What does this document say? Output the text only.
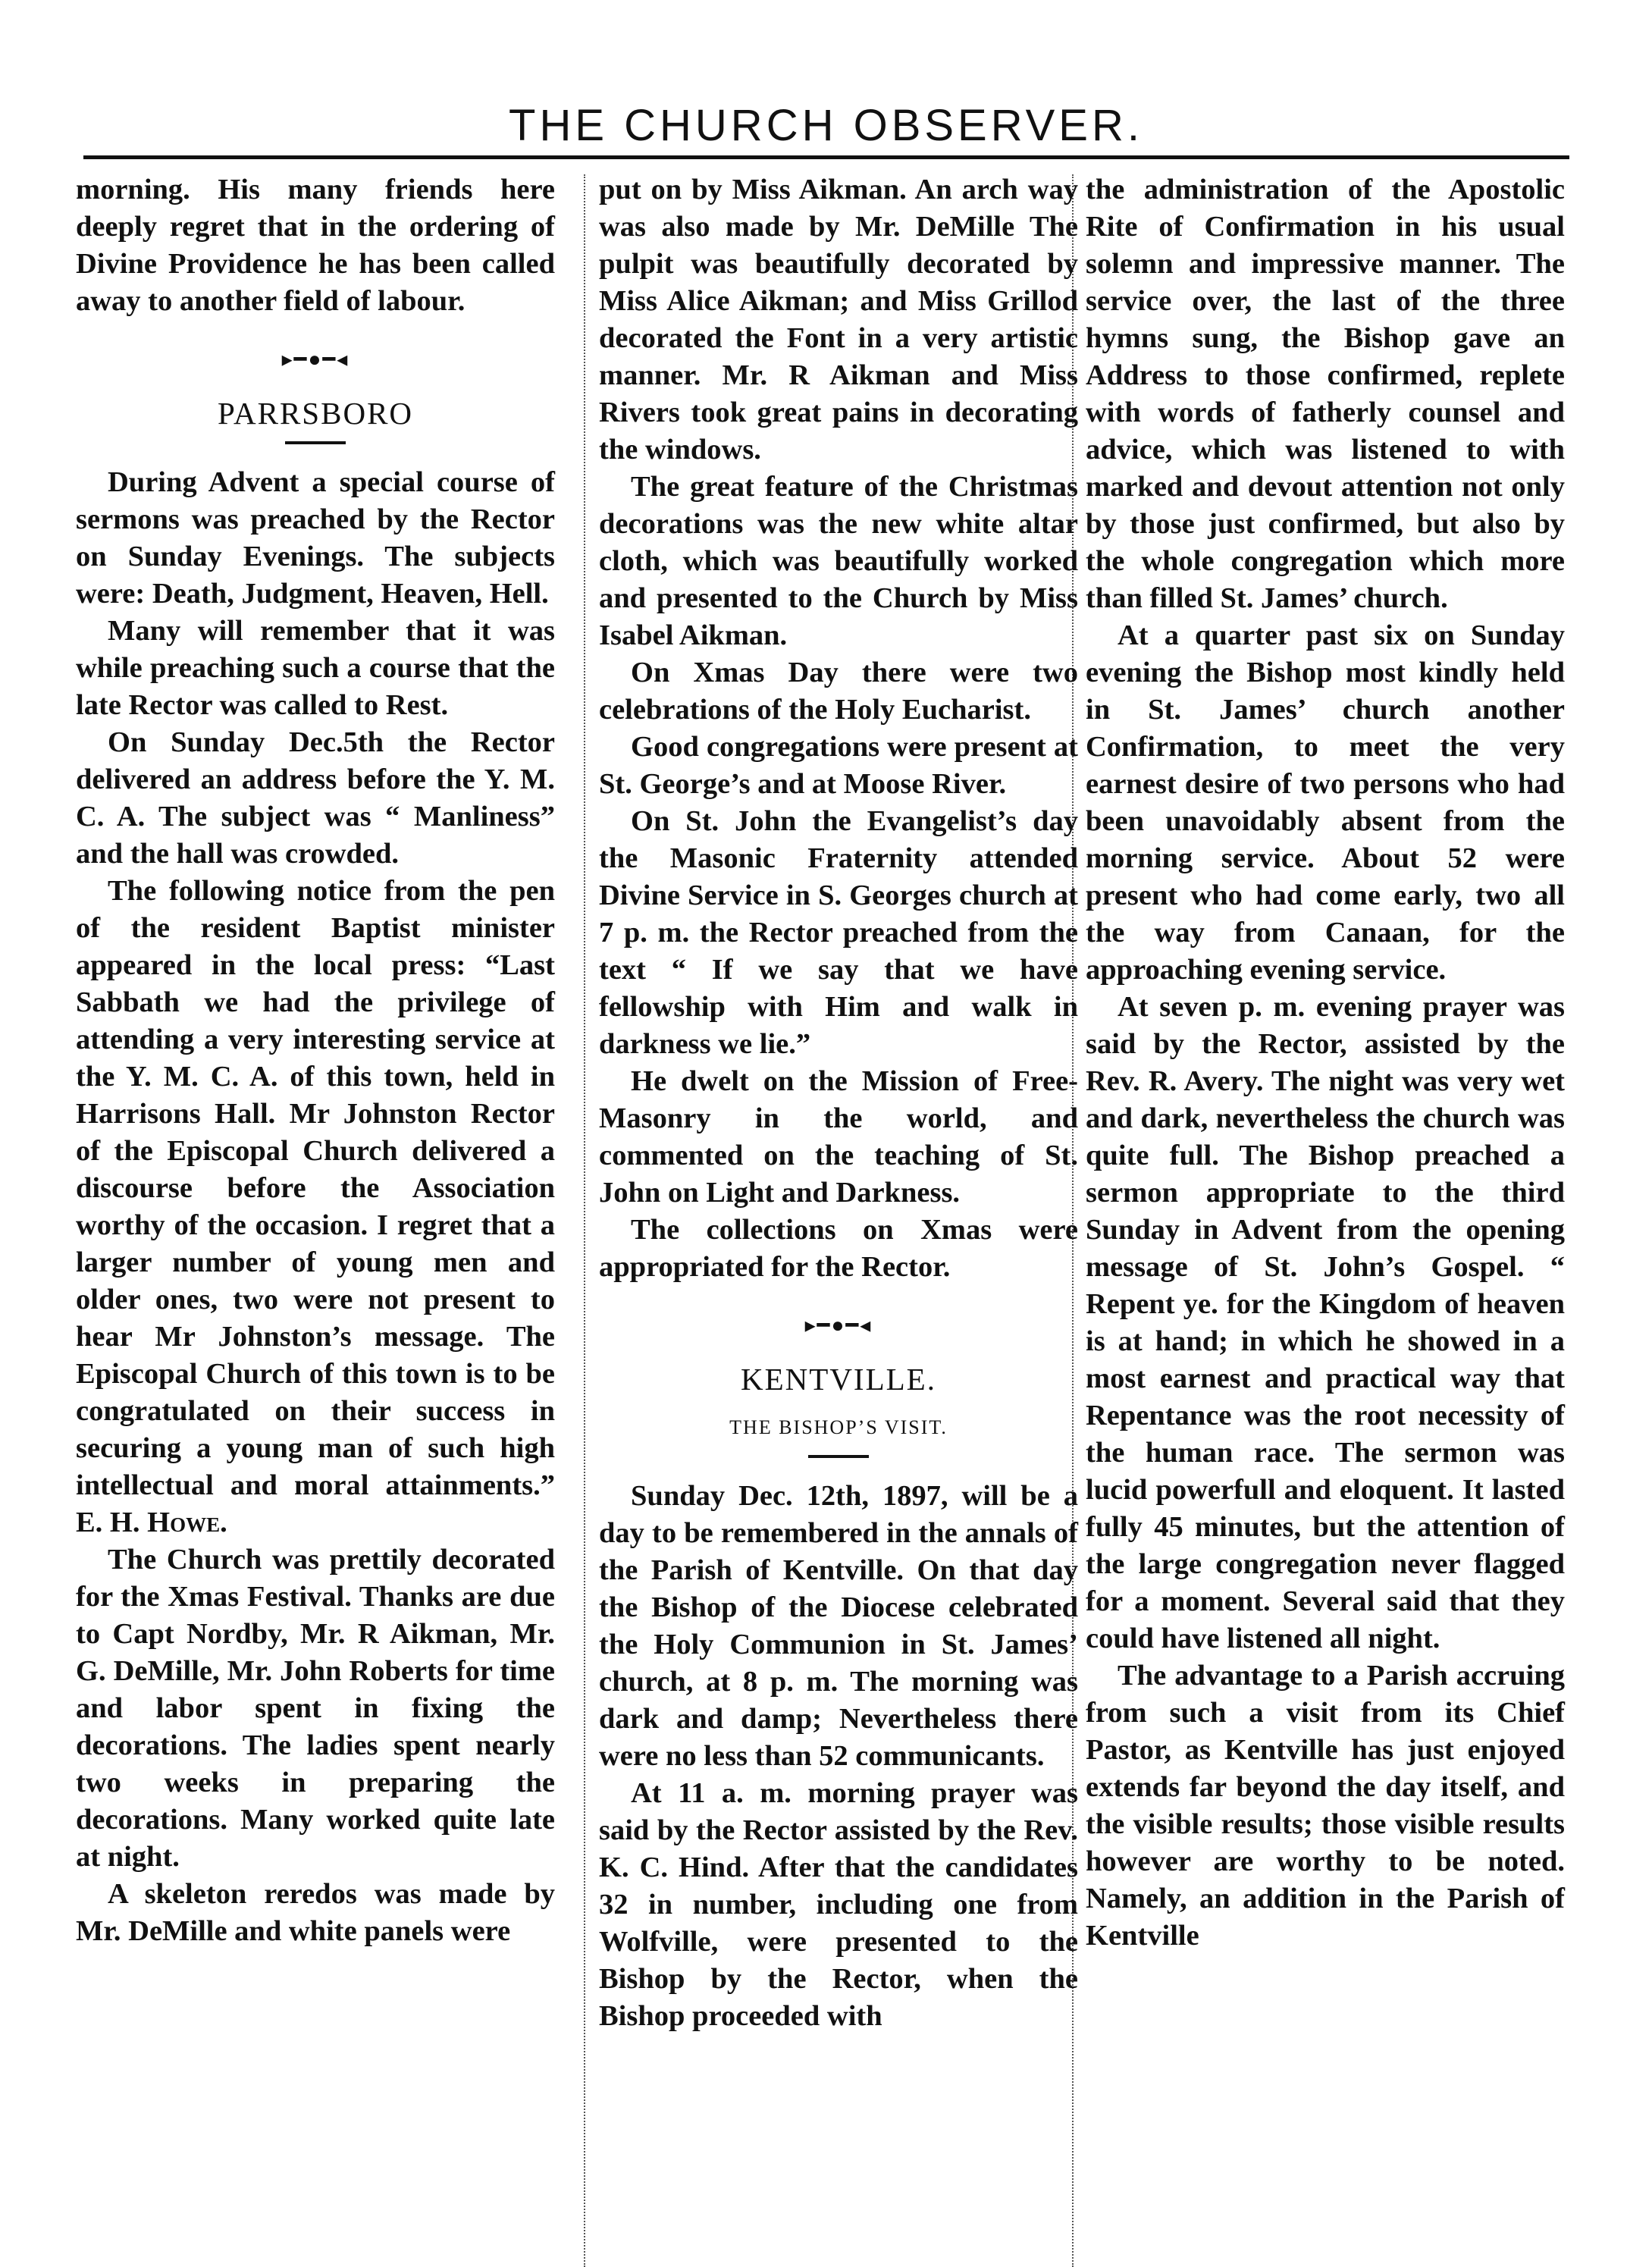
THE CHURCH OBSERVER.

morning. His many friends here deeply regret that in the ordering of Divine Providence he has been called away to another field of labour.

▸━●━◂
PARRSBORO

During Advent a special course of sermons was preached by the Rector on Sunday Evenings. The subjects were: Death, Judgment, Heaven, Hell.

Many will remember that it was while preaching such a course that the late Rector was called to Rest.

On Sunday Dec.5th the Rector delivered an address before the Y. M. C. A. The subject was “ Manliness” and the hall was crowded.

The following notice from the pen of the resident Baptist minister appeared in the local press: “Last Sabbath we had the privilege of attending a very interesting service at the Y. M. C. A. of this town, held in Harrisons Hall. Mr Johnston Rector of the Episcopal Church delivered a discourse before the Association worthy of the occasion. I regret that a larger number of young men and older ones, two were not present to hear Mr Johnston’s message. The Episcopal Church of this town is to be congratulated on their success in securing a young man of such high intellectual and moral attainments.” E. H. Howe.

The Church was prettily decorated for the Xmas Festival. Thanks are due to Capt Nordby, Mr. R Aikman, Mr. G. DeMille, Mr. John Roberts for time and labor spent in fixing the decorations. The ladies spent nearly two weeks in preparing the decorations. Many worked quite late at night.

A skeleton reredos was made by Mr. DeMille and white panels were

put on by Miss Aikman. An arch way was also made by Mr. DeMille The pulpit was beautifully decorated by Miss Alice Aikman; and Miss Grillod decorated the Font in a very artistic manner. Mr. R Aikman and Miss Rivers took great pains in decorating the windows.

The great feature of the Christmas decorations was the new white altar cloth, which was beautifully worked and presented to the Church by Miss Isabel Aikman.

On Xmas Day there were two celebrations of the Holy Eucharist.

Good congregations were present at St. George’s and at Moose River.

On St. John the Evangelist’s day the Masonic Fraternity attended Divine Service in S. Georges church at 7 p. m. the Rector preached from the text “ If we say that we have fellowship with Him and walk in darkness we lie.”

He dwelt on the Mission of Free-Masonry in the world, and commented on the teaching of St. John on Light and Darkness.

The collections on Xmas were appropriated for the Rector.

▸━●━◂
KENTVILLE.
THE BISHOP’S VISIT.

Sunday Dec. 12th, 1897, will be a day to be remembered in the annals of the Parish of Kentville. On that day the Bishop of the Diocese celebrated the Holy Communion in St. James’ church, at 8 p. m. The morning was dark and damp; Nevertheless there were no less than 52 communicants.

At 11 a. m. morning prayer was said by the Rector assisted by the Rev. K. C. Hind. After that the candidates 32 in number, including one from Wolfville, were presented to the Bishop by the Rector, when the Bishop proceeded with

the administration of the Apostolic Rite of Confirmation in his usual solemn and impressive manner. The service over, the last of the three hymns sung, the Bishop gave an Address to those confirmed, replete with words of fatherly counsel and advice, which was listened to with marked and devout attention not only by those just confirmed, but also by the whole congregation which more than filled St. James’ church.

At a quarter past six on Sunday evening the Bishop most kindly held in St. James’ church another Confirmation, to meet the very earnest desire of two persons who had been unavoidably absent from the morning service. About 52 were present who had come early, two all the way from Canaan, for the approaching evening service.

At seven p. m. evening prayer was said by the Rector, assisted by the Rev. R. Avery. The night was very wet and dark, nevertheless the church was quite full. The Bishop preached a sermon appropriate to the third Sunday in Advent from the opening message of St. John’s Gospel. “ Repent ye. for the Kingdom of heaven is at hand; in which he showed in a most earnest and practical way that Repentance was the root necessity of the human race. The sermon was lucid powerfull and eloquent. It lasted fully 45 minutes, but the attention of the large congregation never flagged for a moment. Several said that they could have listened all night.

The advantage to a Parish accruing from such a visit from its Chief Pastor, as Kentville has just enjoyed extends far beyond the day itself, and the visible results; those visible results however are worthy to be noted. Namely, an addition in the Parish of Kentville
